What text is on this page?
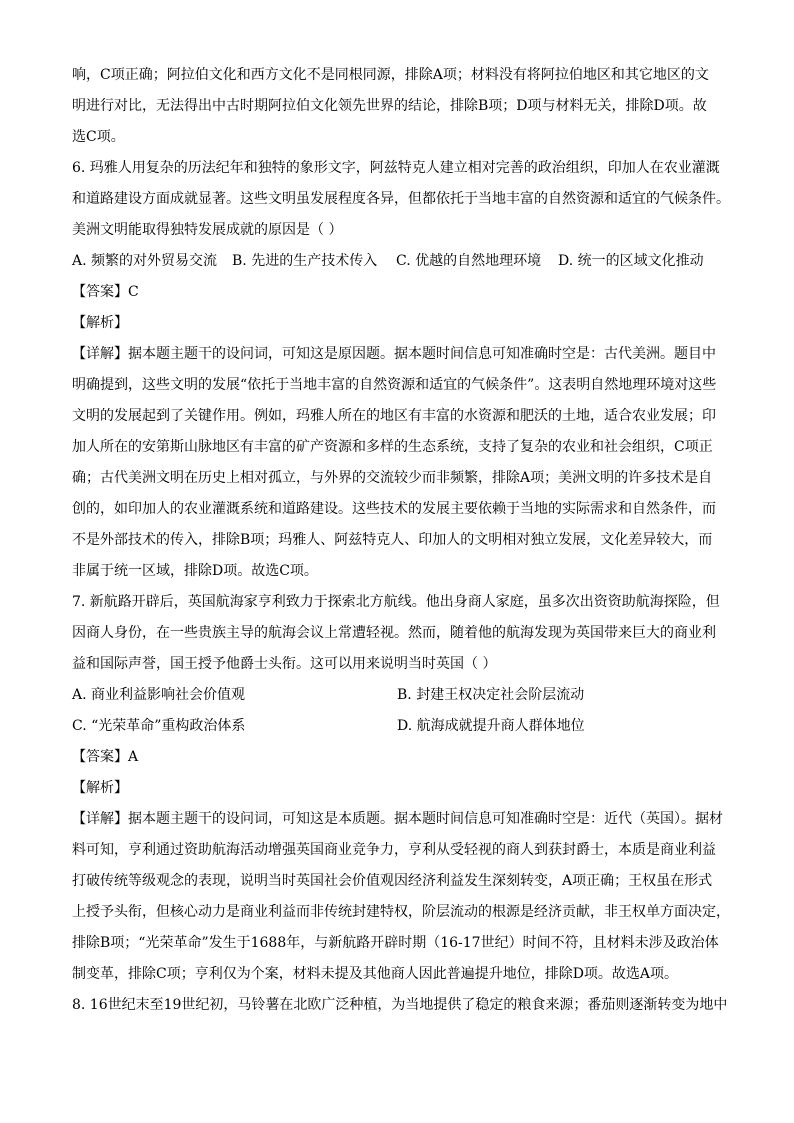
响，C项正确；阿拉伯文化和西方文化不是同根同源，排除A项；材料没有将阿拉伯地区和其它地区的文
明进行对比，无法得出中古时期阿拉伯文化领先世界的结论，排除B项；D项与材料无关，排除D项。故
选C项。
6. 玛雅人用复杂的历法纪年和独特的象形文字，阿兹特克人建立相对完善的政治组织，印加人在农业灌溉
和道路建设方面成就显著。这些文明虽发展程度各异，但都依托于当地丰富的自然资源和适宜的气候条件。
美洲文明能取得独特发展成就的原因是（ ）
A. 频繁的对外贸易交流 B. 先进的生产技术传入 C. 优越的自然地理环境 D. 统一的区域文化推动
【答案】C
【解析】
【详解】据本题主题干的设问词，可知这是原因题。据本题时间信息可知准确时空是：古代美洲。题目中
明确提到，这些文明的发展“依托于当地丰富的自然资源和适宜的气候条件”。这表明自然地理环境对这些
文明的发展起到了关键作用。例如，玛雅人所在的地区有丰富的水资源和肥沃的土地，适合农业发展；印
加人所在的安第斯山脉地区有丰富的矿产资源和多样的生态系统，支持了复杂的农业和社会组织，C项正
确；古代美洲文明在历史上相对孤立，与外界的交流较少而非频繁，排除A项；美洲文明的许多技术是自
创的，如印加人的农业灌溉系统和道路建设。这些技术的发展主要依赖于当地的实际需求和自然条件，而
不是外部技术的传入，排除B项；玛雅人、阿兹特克人、印加人的文明相对独立发展，文化差异较大，而
非属于统一区域，排除D项。故选C项。
7. 新航路开辟后，英国航海家亨利致力于探索北方航线。他出身商人家庭，虽多次出资资助航海探险，但
因商人身份，在一些贵族主导的航海会议上常遭轻视。然而，随着他的航海发现为英国带来巨大的商业利
益和国际声誉，国王授予他爵士头衔。这可以用来说明当时英国（ ）
A. 商业利益影响社会价值观	B. 封建王权决定社会阶层流动
C. “光荣革命”重构政治体系	D. 航海成就提升商人群体地位
【答案】A
【解析】
【详解】据本题主题干的设问词，可知这是本质题。据本题时间信息可知准确时空是：近代（英国）。据材
料可知，亨利通过资助航海活动增强英国商业竞争力，亨利从受轻视的商人到获封爵士，本质是商业利益
打破传统等级观念的表现，说明当时英国社会价值观因经济利益发生深刻转变，A项正确；王权虽在形式
上授予头衔，但核心动力是商业利益而非传统封建特权，阶层流动的根源是经济贡献，非王权单方面决定，
排除B项；“光荣革命”发生于1688年，与新航路开辟时期（16-17世纪）时间不符，且材料未涉及政治体
制变革，排除C项；亨利仅为个案，材料未提及其他商人因此普遍提升地位，排除D项。故选A项。
8. 16世纪末至19世纪初，马铃薯在北欧广泛种植，为当地提供了稳定的粮食来源；番茄则逐渐转变为地中
